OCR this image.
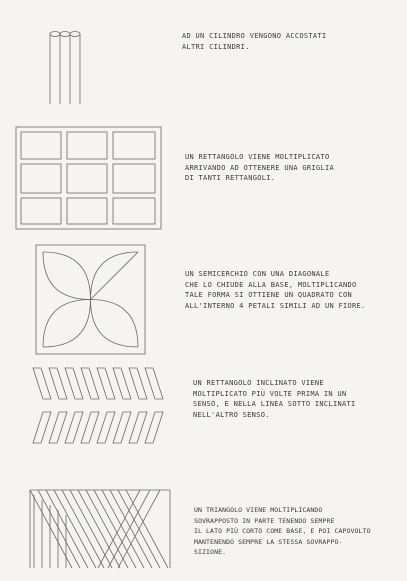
AD UN CILINDRO VENGONO ACCOSTATI
ALTRI CILINDRI.
UN RETTANGOLO VIENE MOLTIPLICATO
ARRIVANDO AD OTTENERE UNA GRIGLIA
DI TANTI RETTANGOLI.
UN SEMICERCHIO CON UNA DIAGONALE
CHE LO CHIUDE ALLA BASE, MOLTIPLICANDO
TALE FORMA SI OTTIENE UN QUADRATO CON
ALL'INTERNO 4 PETALI SIMILI AD UN FIORE.
UN RETTANGOLO INCLINATO VIENE
MOLTIPLICATO PIÙ VOLTE PRIMA IN UN
SENSO, E NELLA LINEA SOTTO INCLINATI
NELL'ALTRO SENSO.
UN TRIANGOLO VIENE MOLTIPLICANDO
SOVRAPPOSTO IN PARTE TENENDO SEMPRE
IL LATO PIÙ CORTO COME BASE, E POI CAPOVOLTO
MANTENENDO SEMPRE LA STESSA SOVRAPPO-
SIZIONE.
